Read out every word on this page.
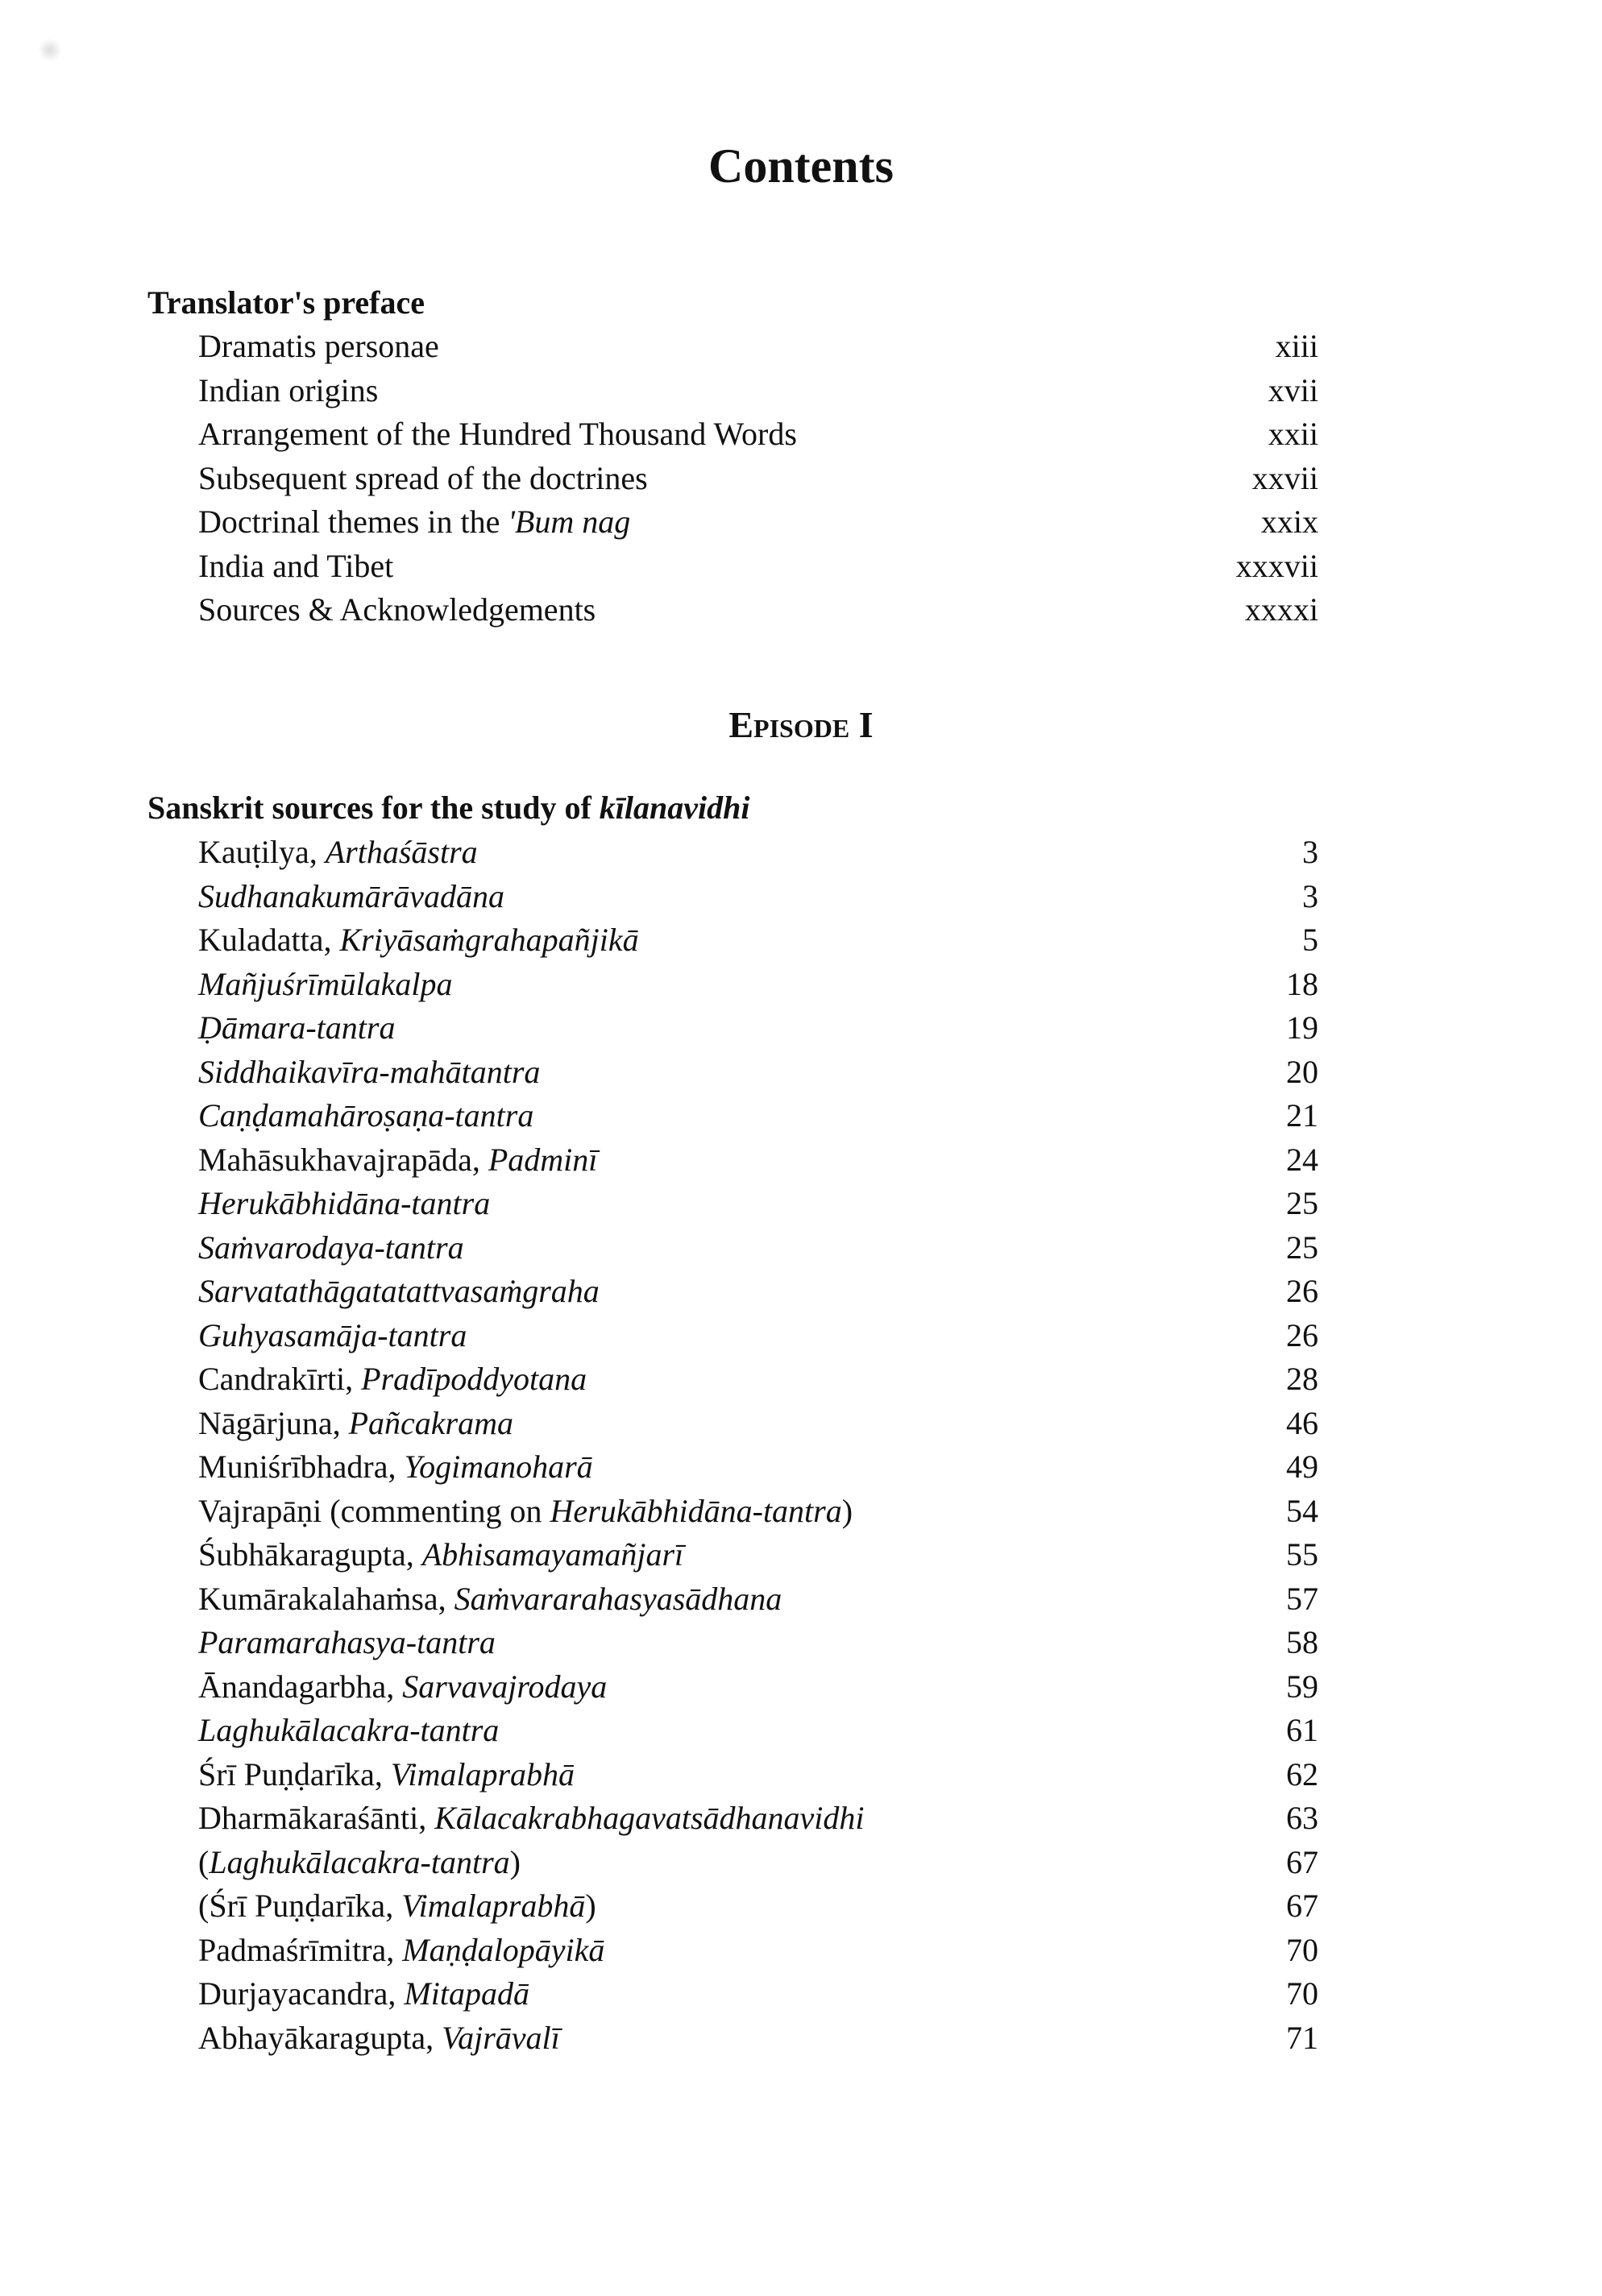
Contents
Translator's preface
Dramatis personae	xiii
Indian origins	xvii
Arrangement of the Hundred Thousand Words	xxii
Subsequent spread of the doctrines	xxvii
Doctrinal themes in the 'Bum nag	xxix
India and Tibet	xxxvii
Sources & Acknowledgements	xxxxi
Episode I
Sanskrit sources for the study of kīlanavidhi
Kauṭilya, Arthaśāstra	3
Sudhanakumārāvadāna	3
Kuladatta, Kriyāsaṁgrahapañjikā	5
Mañjuśrīmūlakalpa	18
Ḍāmara-tantra	19
Siddhaikavīra-mahātantra	20
Caṇḍamahāroṣaṇa-tantra	21
Mahāsukhavajrapāda, Padminī	24
Herukābhidāna-tantra	25
Saṁvarodaya-tantra	25
Sarvatathāgatatattvasaṁgraha	26
Guhyasamāja-tantra	26
Candrakīrti, Pradīpoddyotana	28
Nāgārjuna, Pañcakrama	46
Muniśrībhadra, Yogimanoharā	49
Vajrapāṇi (commenting on Herukābhidāna-tantra)	54
Śubhākaragupta, Abhisamayamañjarī	55
Kumārakalahaṁsa, Saṁvararahasyasādhana	57
Paramarahasya-tantra	58
Ānandagarbha, Sarvavajrodaya	59
Laghukālacakra-tantra	61
Śrī Puṇḍarīka, Vimalaprabhā	62
Dharmākaraśānti, Kālacakrabhagavatsādhanavidhi	63
(Laghukālacakra-tantra)	67
(Śrī Puṇḍarīka, Vimalaprabhā)	67
Padmaśrīmitra, Maṇḍalopāyikā	70
Durjayacandra, Mitapadā	70
Abhayākaragupta, Vajrāvalī	71
